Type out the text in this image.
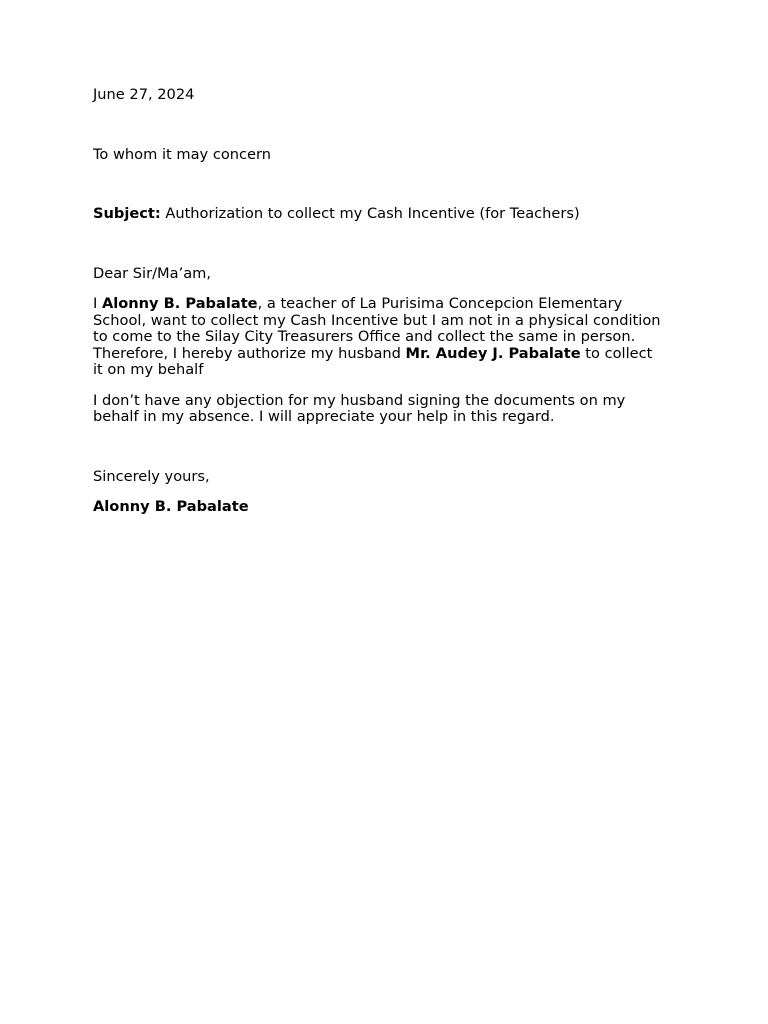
June 27, 2024

To whom it may concern

Subject: Authorization to collect my Cash Incentive (for Teachers)

Dear Sir/Ma’am,

I Alonny B. Pabalate, a teacher of La Purisima Concepcion Elementary

School, want to collect my Cash Incentive but I am not in a physical condition

to come to the Silay City Treasurers Office and collect the same in person.

Therefore, I hereby authorize my husband Mr. Audey J. Pabalate to collect

it on my behalf

I don’t have any objection for my husband signing the documents on my

behalf in my absence. I will appreciate your help in this regard.

Sincerely yours,

Alonny B. Pabalate
